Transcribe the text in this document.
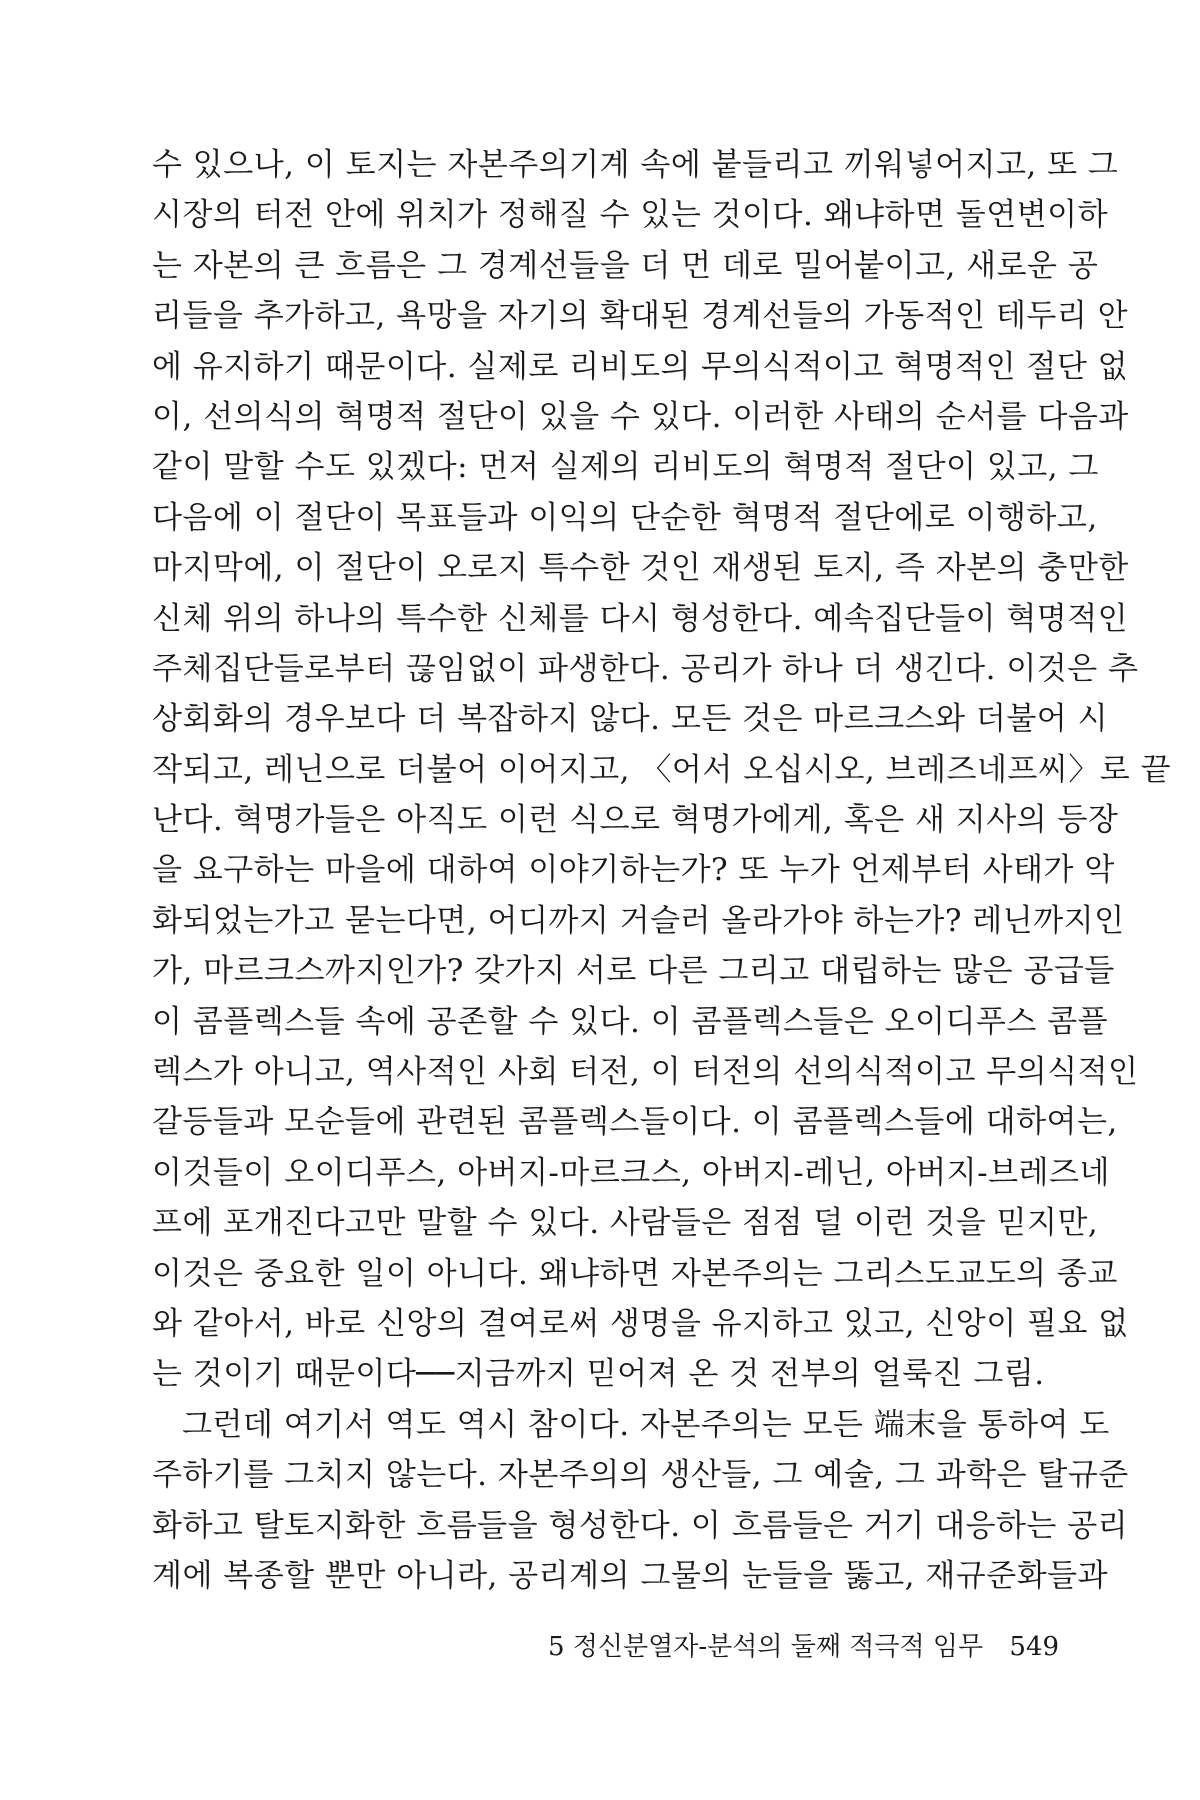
수 있으나, 이 토지는 자본주의기계 속에 붙들리고 끼워넣어지고, 또 그
시장의 터전 안에 위치가 정해질 수 있는 것이다. 왜냐하면 돌연변이하
는 자본의 큰 흐름은 그 경계선들을 더 먼 데로 밀어붙이고, 새로운 공
리들을 추가하고, 욕망을 자기의 확대된 경계선들의 가동적인 테두리 안
에 유지하기 때문이다. 실제로 리비도의 무의식적이고 혁명적인 절단 없
이, 선의식의 혁명적 절단이 있을 수 있다. 이러한 사태의 순서를 다음과
같이 말할 수도 있겠다: 먼저 실제의 리비도의 혁명적 절단이 있고, 그
다음에 이 절단이 목표들과 이익의 단순한 혁명적 절단에로 이행하고,
마지막에, 이 절단이 오로지 특수한 것인 재생된 토지, 즉 자본의 충만한
신체 위의 하나의 특수한 신체를 다시 형성한다. 예속집단들이 혁명적인
주체집단들로부터 끊임없이 파생한다. 공리가 하나 더 생긴다. 이것은 추
상회화의 경우보다 더 복잡하지 않다. 모든 것은 마르크스와 더불어 시
작되고, 레닌으로 더불어 이어지고, 〈어서 오십시오, 브레즈네프씨〉로 끝
난다. 혁명가들은 아직도 이런 식으로 혁명가에게, 혹은 새 지사의 등장
을 요구하는 마을에 대하여 이야기하는가? 또 누가 언제부터 사태가 악
화되었는가고 묻는다면, 어디까지 거슬러 올라가야 하는가? 레닌까지인
가, 마르크스까지인가? 갖가지 서로 다른 그리고 대립하는 많은 공급들
이 콤플렉스들 속에 공존할 수 있다. 이 콤플렉스들은 오이디푸스 콤플
렉스가 아니고, 역사적인 사회 터전, 이 터전의 선의식적이고 무의식적인
갈등들과 모순들에 관련된 콤플렉스들이다. 이 콤플렉스들에 대하여는,
이것들이 오이디푸스, 아버지-마르크스, 아버지-레닌, 아버지-브레즈네
프에 포개진다고만 말할 수 있다. 사람들은 점점 덜 이런 것을 믿지만,
이것은 중요한 일이 아니다. 왜냐하면 자본주의는 그리스도교도의 종교
와 같아서, 바로 신앙의 결여로써 생명을 유지하고 있고, 신앙이 필요 없
는 것이기 때문이다──지금까지 믿어져 온 것 전부의 얼룩진 그림.
그런데 여기서 역도 역시 참이다. 자본주의는 모든 端末을 통하여 도
주하기를 그치지 않는다. 자본주의의 생산들, 그 예술, 그 과학은 탈규준
화하고 탈토지화한 흐름들을 형성한다. 이 흐름들은 거기 대응하는 공리
계에 복종할 뿐만 아니라, 공리계의 그물의 눈들을 뚫고, 재규준화들과
5 정신분열자-분석의 둘째 적극적 임무 549
